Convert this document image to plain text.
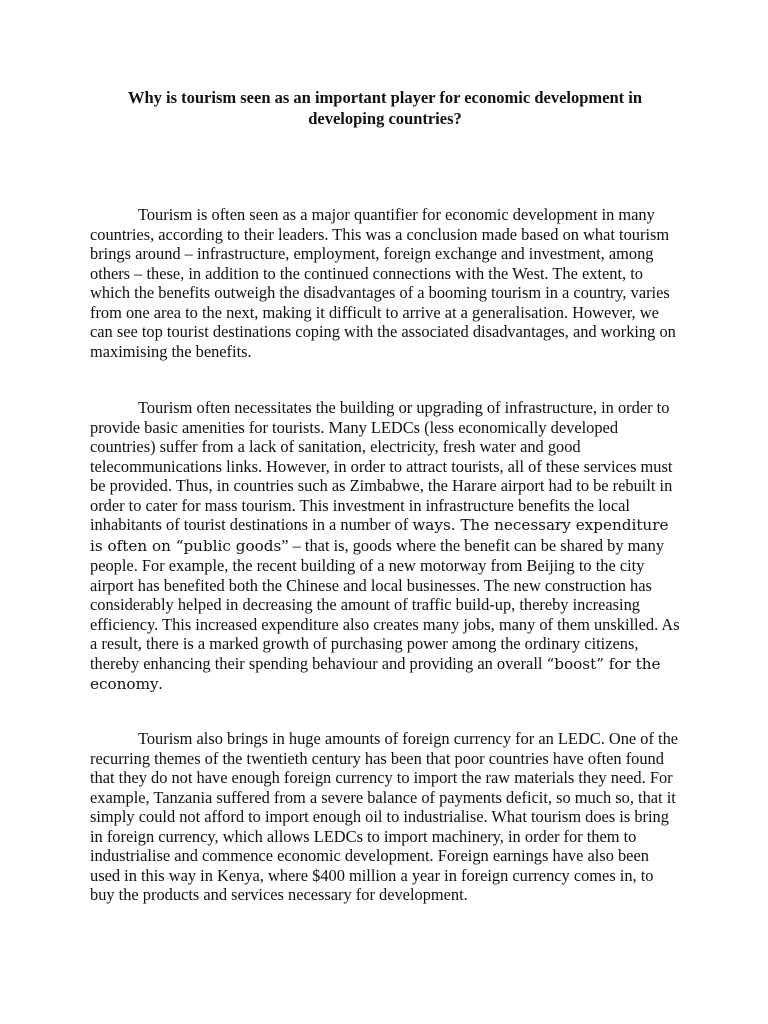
Why is tourism seen as an important player for economic development in developing countries?

Tourism is often seen as a major quantifier for economic development in many countries, according to their leaders. This was a conclusion made based on what tourism brings around – infrastructure, employment, foreign exchange and investment, among others – these, in addition to the continued connections with the West. The extent, to which the benefits outweigh the disadvantages of a booming tourism in a country, varies from one area to the next, making it difficult to arrive at a generalisation. However, we can see top tourist destinations coping with the associated disadvantages, and working on maximising the benefits.

Tourism often necessitates the building or upgrading of infrastructure, in order to provide basic amenities for tourists. Many LEDCs (less economically developed countries) suffer from a lack of sanitation, electricity, fresh water and good telecommunications links. However, in order to attract tourists, all of these services must be provided. Thus, in countries such as Zimbabwe, the Harare airport had to be rebuilt in order to cater for mass tourism. This investment in infrastructure benefits the local inhabitants of tourist destinations in a number of ways. The necessary expenditure is often on “public goods” – that is, goods where the benefit can be shared by many people. For example, the recent building of a new motorway from Beijing to the city airport has benefited both the Chinese and local businesses. The new construction has considerably helped in decreasing the amount of traffic build-up, thereby increasing efficiency. This increased expenditure also creates many jobs, many of them unskilled. As a result, there is a marked growth of purchasing power among the ordinary citizens, thereby enhancing their spending behaviour and providing an overall “boost” for the economy.

Tourism also brings in huge amounts of foreign currency for an LEDC. One of the recurring themes of the twentieth century has been that poor countries have often found that they do not have enough foreign currency to import the raw materials they need. For example, Tanzania suffered from a severe balance of payments deficit, so much so, that it simply could not afford to import enough oil to industrialise. What tourism does is bring in foreign currency, which allows LEDCs to import machinery, in order for them to industrialise and commence economic development. Foreign earnings have also been used in this way in Kenya, where $400 million a year in foreign currency comes in, to buy the products and services necessary for development.
